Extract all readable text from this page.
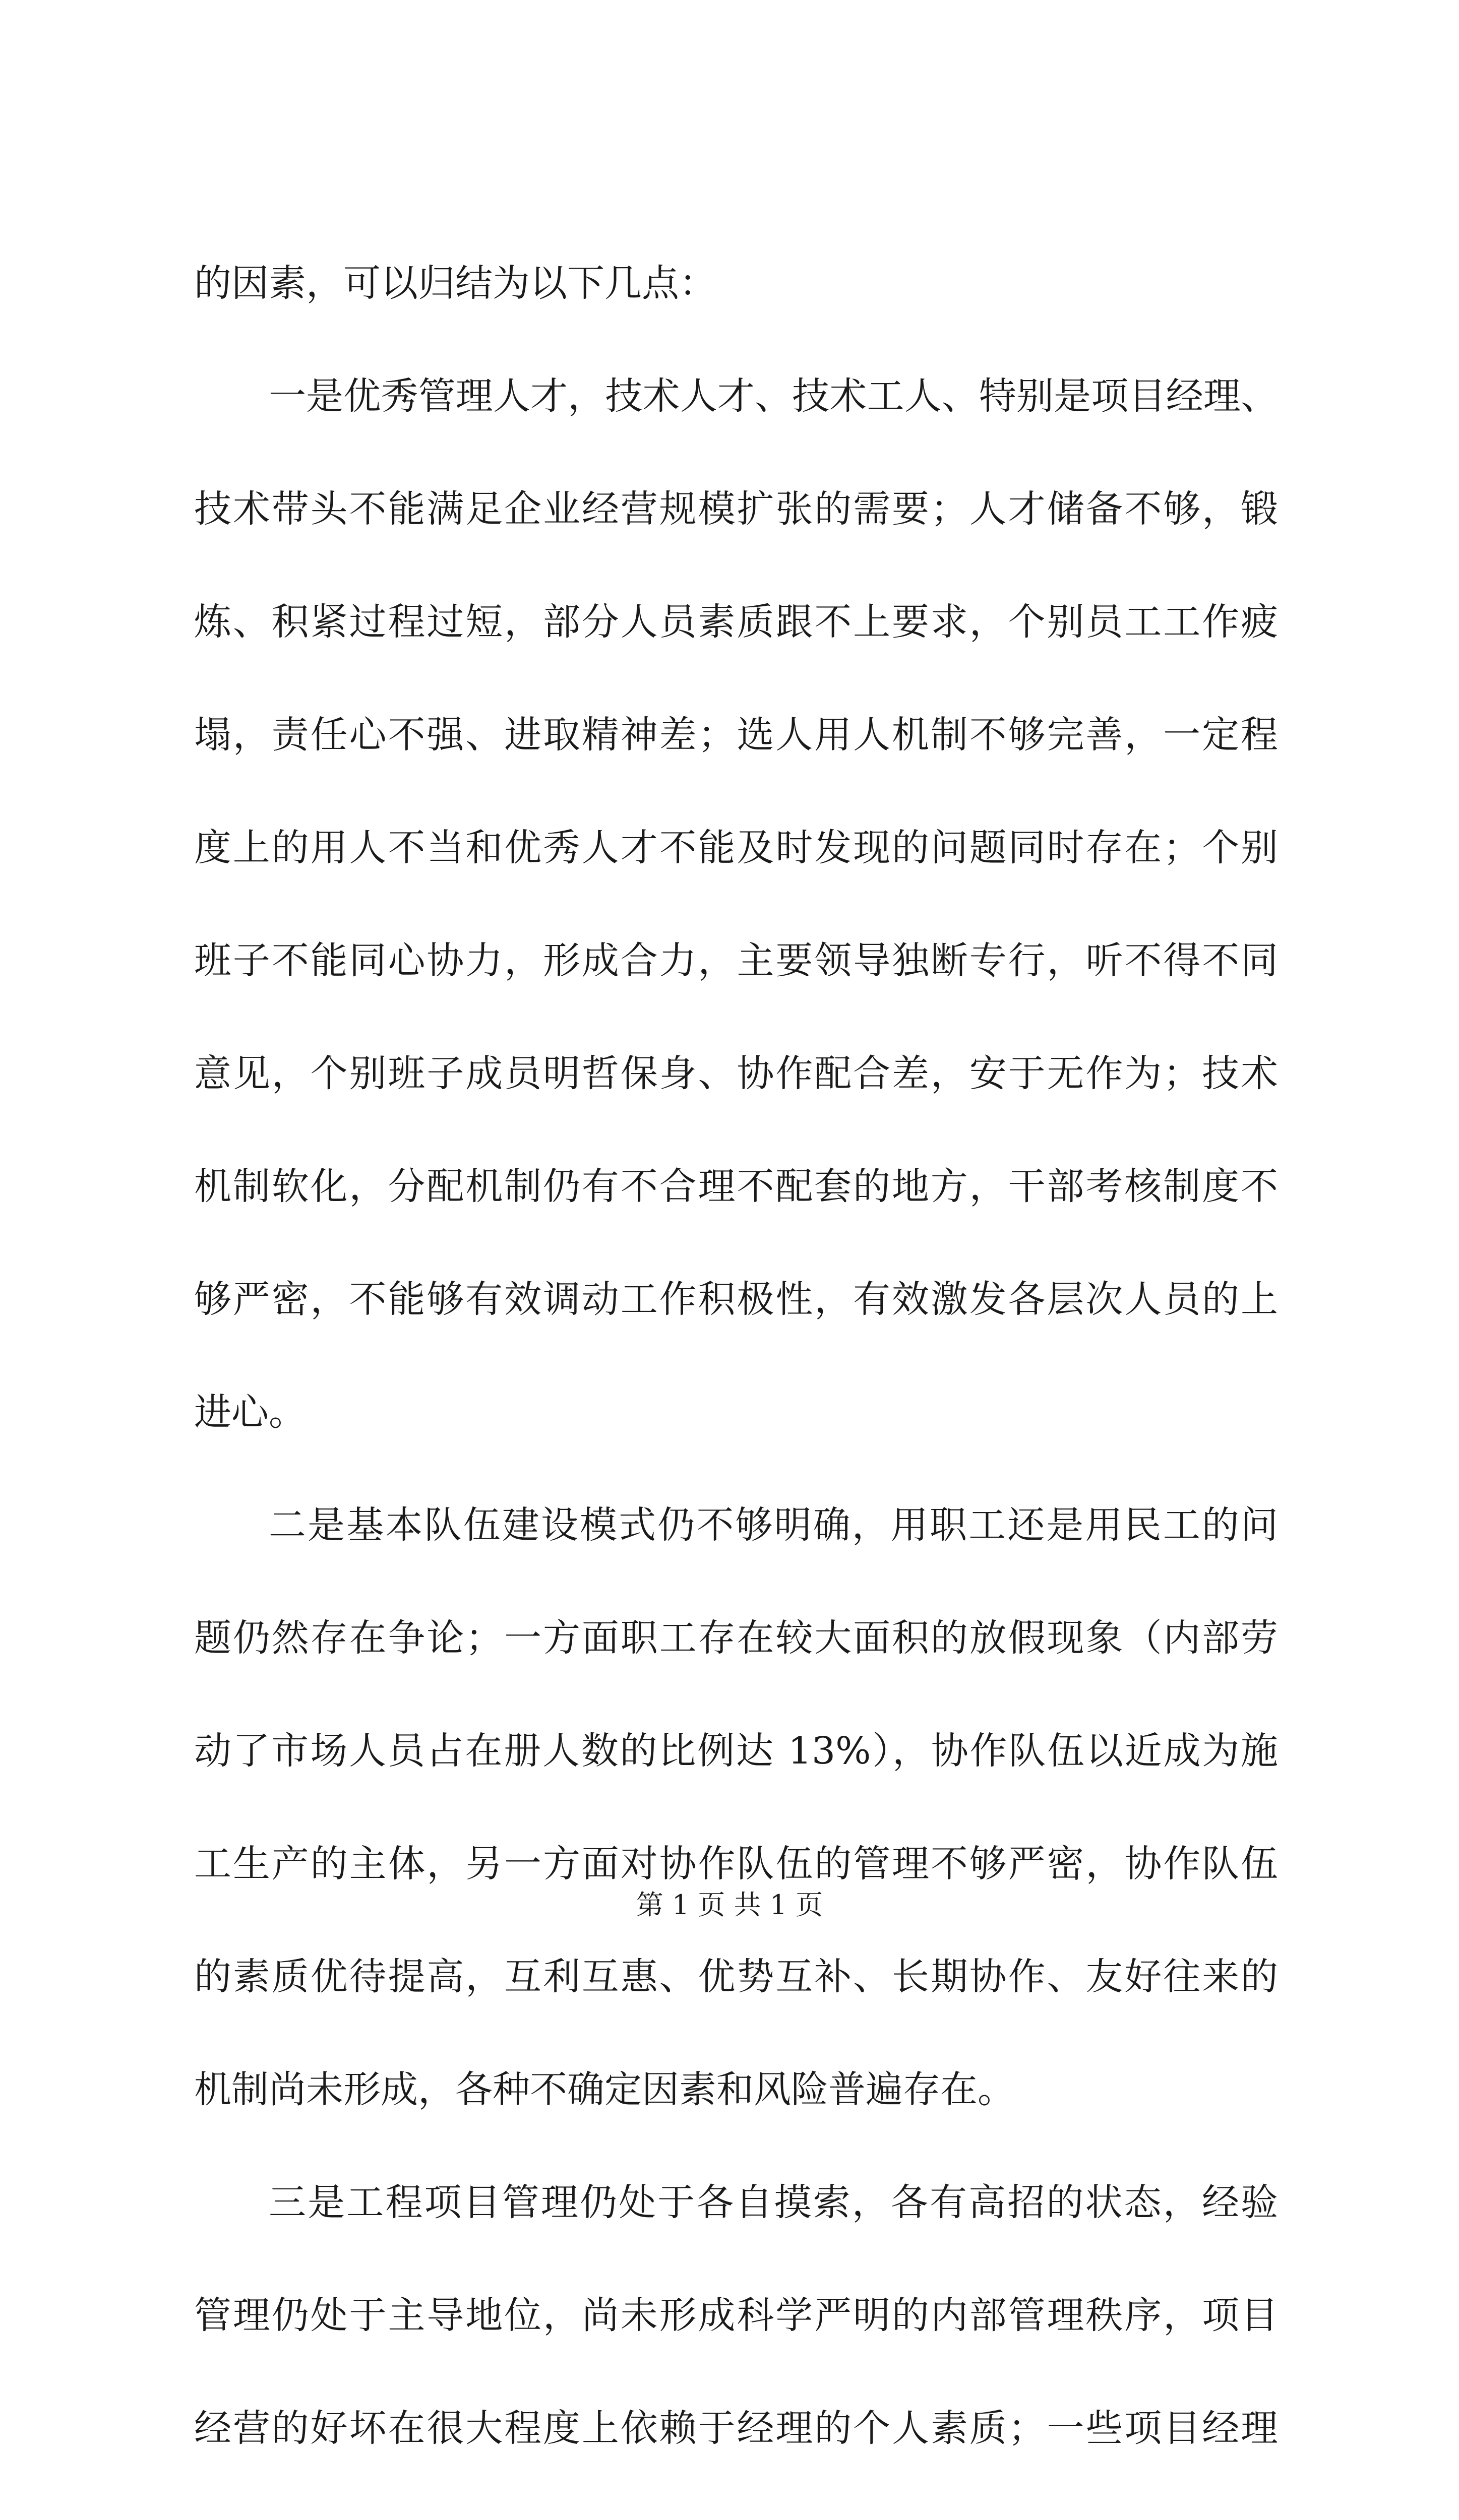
的因素，可以归结为以下几点：

一是优秀管理人才，技术人才、技术工人、特别是项目经理、

技术带头不能满足企业经营规模扩张的需要；人才储备不够，锻

炼、积紧过程过短，部分人员素质跟不上要求，个别员工工作疲

塌，责任心不强、进取精神差；选人用人机制不够完善，一定程

度上的用人不当和优秀人才不能及时发现的问题同时存在；个别

班子不能同心协力，形成合力，主要领导独断专行，听不得不同

意见，个别班子成员明哲保身、协作配合差，安于无作为；技术

机制软化，分配机制仍有不合理不配套的地方，干部考核制度不

够严密，不能够有效调动工作积极性，有效激发各层次人员的上

进心。

二是基本队伍建设模式仍不够明确，用职工还是用民工的问

题仍然存在争论；一方面职工存在较大面积的放假现象（内部劳

动了市场人员占在册人数的比例达 13%），协作队伍以近成为施

工生产的主体，另一方面对协作队伍的管理不够严密，协作队伍

的素质优待提高，互利互惠、优势互补、长期协作、友好往来的

机制尚未形成，各种不确定因素和风险普遍存在。

三是工程项目管理仍处于各自摸索，各有高招的状态，经验

管理仍处于主导地位，尚未形成科学严明的内部管理秩序，项目

经营的好坏在很大程度上依赖于经理的个人素质；一些项目经理

第 1 页 共 1 页
